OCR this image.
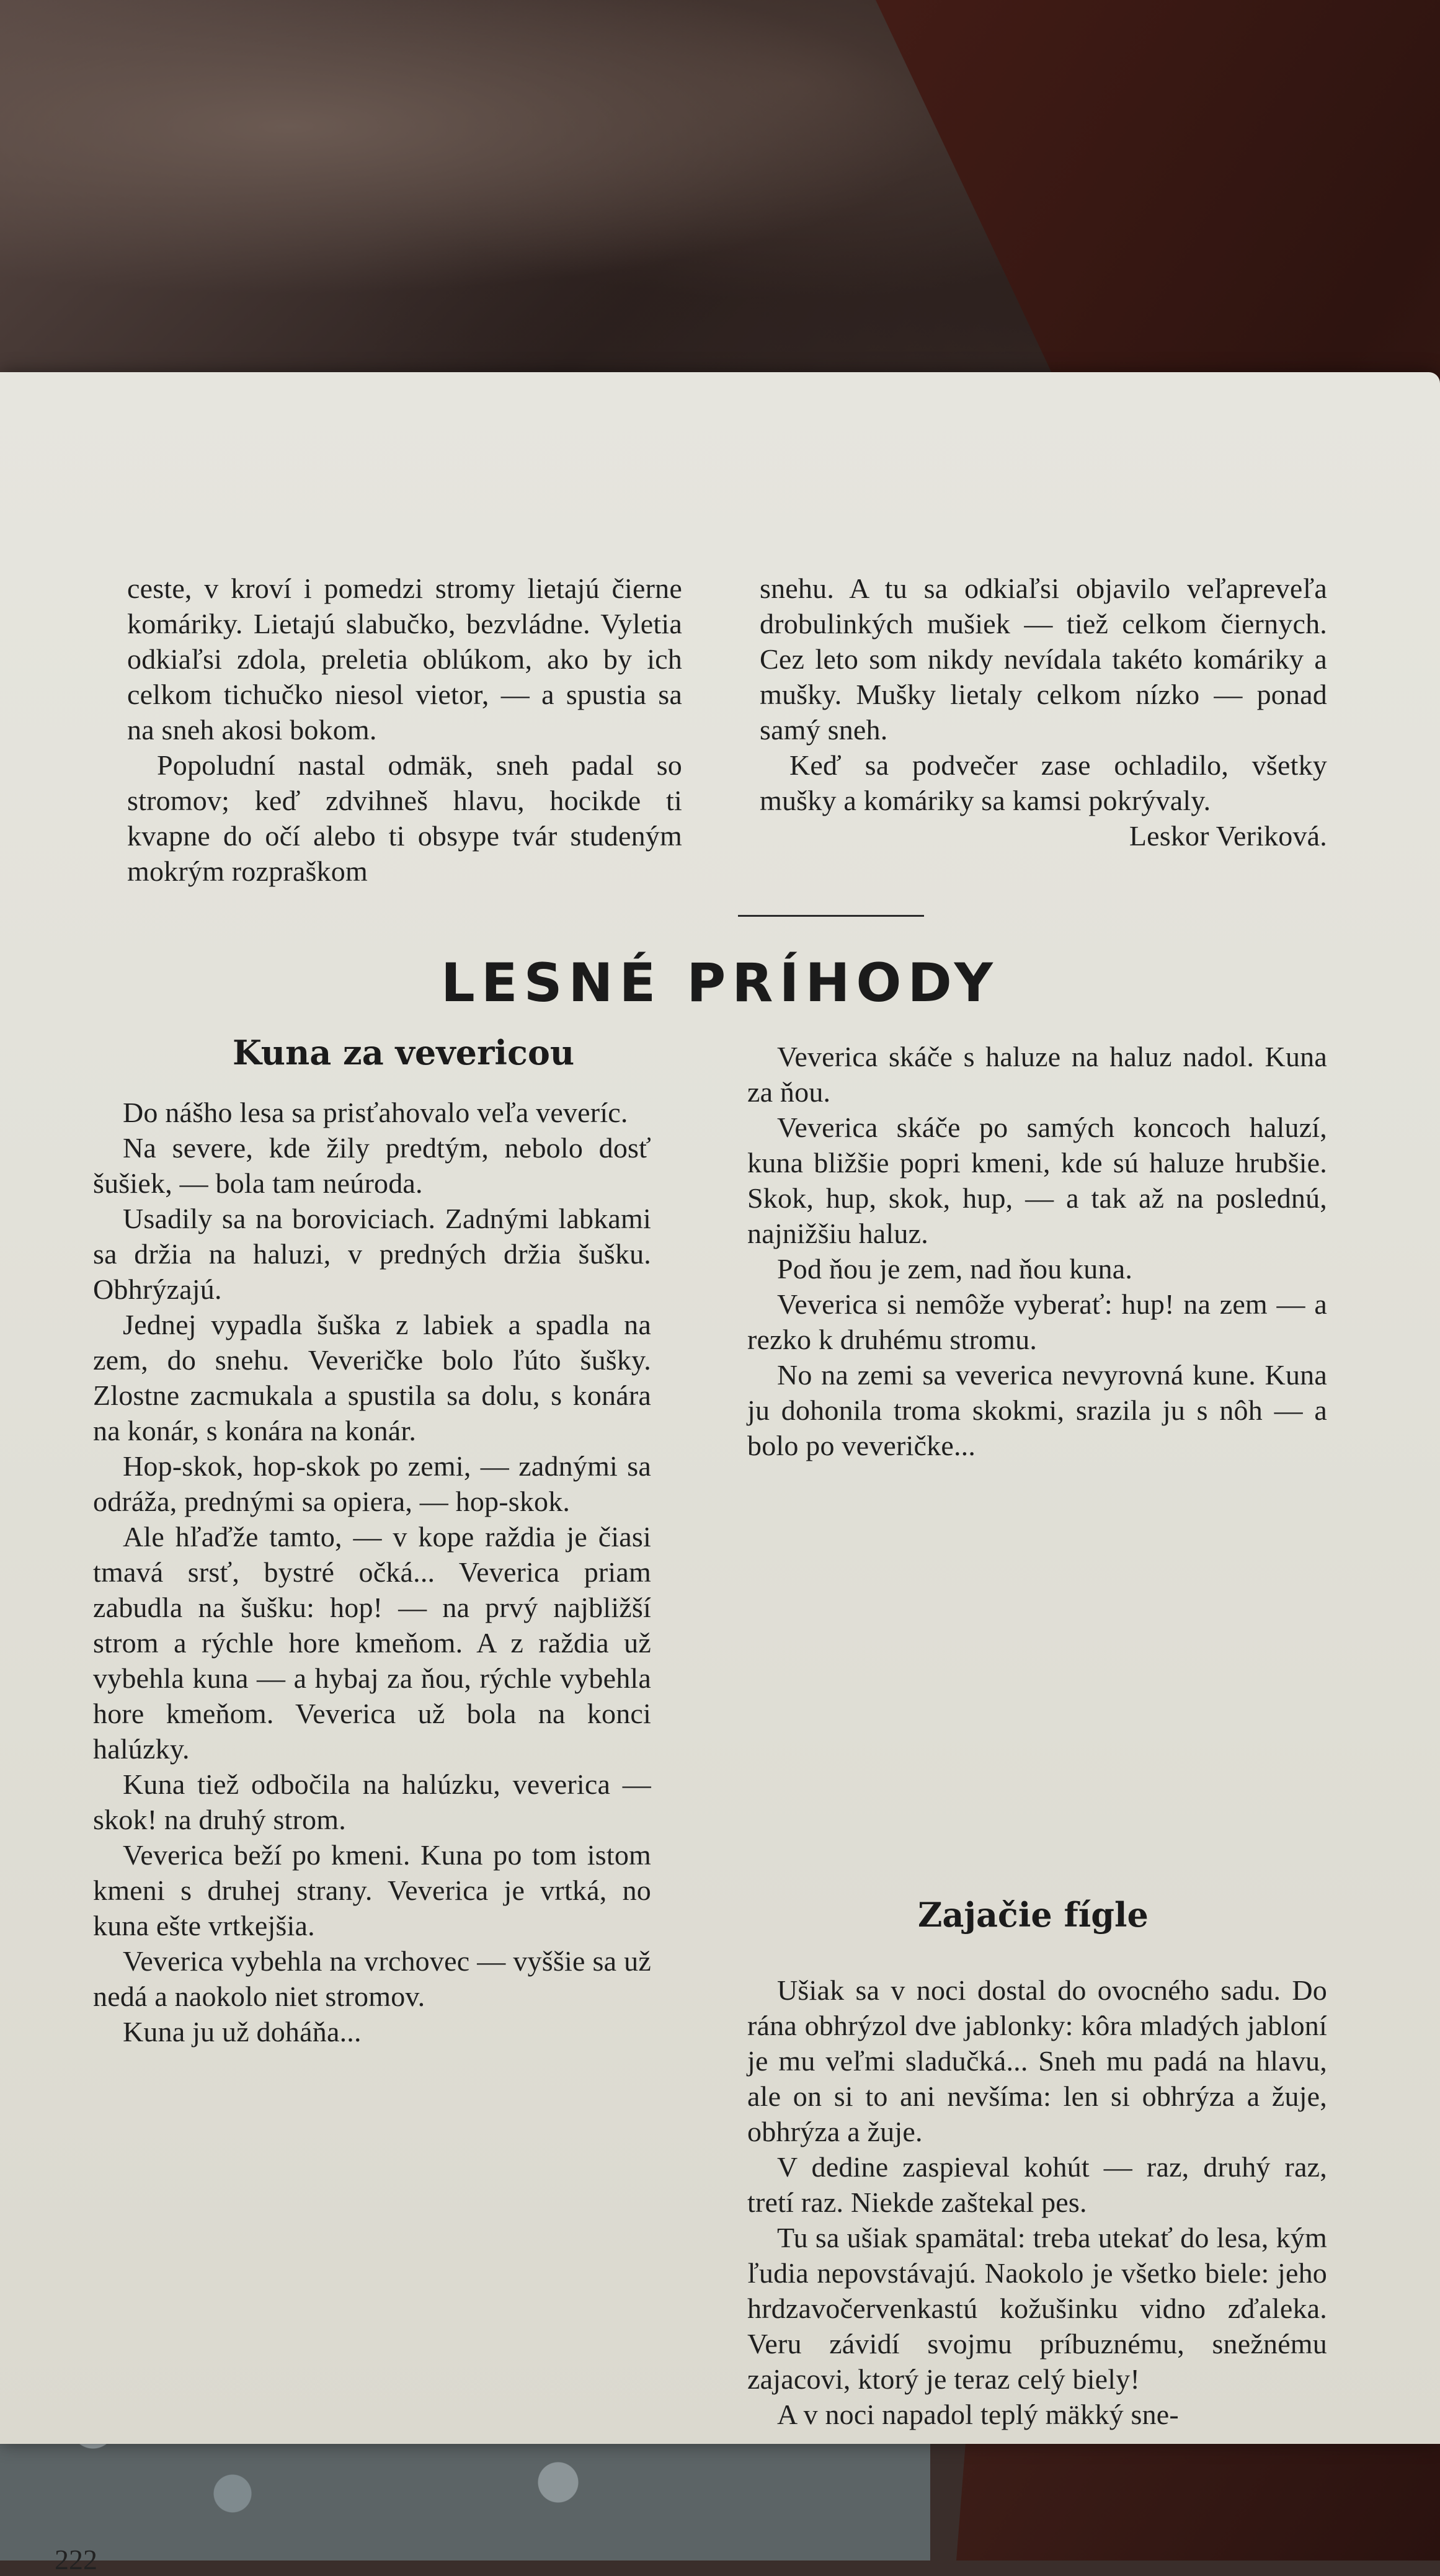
ceste, v kroví i pomedzi stromy lietajú čierne komáriky. Lietajú slabučko, bezvládne. Vyletia odkiaľsi zdola, preletia oblúkom, ako by ich celkom tichučko niesol vietor, — a spustia sa na sneh akosi bokom.

Popoludní nastal odmäk, sneh padal so stromov; keď zdvihneš hlavu, hocikde ti kvapne do očí alebo ti obsype tvár studeným mokrým rozpraškom

snehu. A tu sa odkiaľsi objavilo veľapreveľa drobulinkých mušiek — tiež celkom čiernych. Cez leto som nikdy nevídala takéto komáriky a mušky. Mušky lietaly celkom nízko — ponad samý sneh.

Keď sa podvečer zase ochladilo, všetky mušky a komáriky sa kamsi pokrývaly.

Leskor Veriková.

LESNÉ PRÍHODY
Kuna za vevericou

Do nášho lesa sa prisťahovalo veľa veveríc.

Na severe, kde žily predtým, nebolo dosť šušiek, — bola tam neúroda.

Usadily sa na boroviciach. Zadnými labkami sa držia na haluzi, v predných držia šušku. Obhrýzajú.

Jednej vypadla šuška z labiek a spadla na zem, do snehu. Veveričke bolo ľúto šušky. Zlostne zacmukala a spustila sa dolu, s konára na konár, s konára na konár.

Hop-skok, hop-skok po zemi, — zadnými sa odráža, prednými sa opiera, — hop-skok.

Ale hľaďže tamto, — v kope raždia je čiasi tmavá srsť, bystré očká... Veverica priam zabudla na šušku: hop! — na prvý najbližší strom a rýchle hore kmeňom. A z raždia už vybehla kuna — a hybaj za ňou, rýchle vybehla hore kmeňom. Veverica už bola na konci halúzky.

Kuna tiež odbočila na halúzku, veverica — skok! na druhý strom.

Veverica beží po kmeni. Kuna po tom istom kmeni s druhej strany. Veverica je vrtká, no kuna ešte vrtkejšia.

Veverica vybehla na vrchovec — vyššie sa už nedá a naokolo niet stromov.

Kuna ju už doháňa...

Veverica skáče s haluze na haluz nadol. Kuna za ňou.

Veverica skáče po samých koncoch haluzí, kuna bližšie popri kmeni, kde sú haluze hrubšie. Skok, hup, skok, hup, — a tak až na poslednú, najnižšiu haluz.

Pod ňou je zem, nad ňou kuna.

Veverica si nemôže vyberať: hup! na zem — a rezko k druhému stromu.

No na zemi sa veverica nevyrovná kune. Kuna ju dohonila troma skokmi, srazila ju s nôh — a bolo po veveričke...

Zajačie fígle

Ušiak sa v noci dostal do ovocného sadu. Do rána obhrýzol dve jablonky: kôra mladých jabloní je mu veľmi sladučká... Sneh mu padá na hlavu, ale on si to ani nevšíma: len si obhrýza a žuje, obhrýza a žuje.

V dedine zaspieval kohút — raz, druhý raz, tretí raz. Niekde zaštekal pes.

Tu sa ušiak spamätal: treba utekať do lesa, kým ľudia nepovstávajú. Naokolo je všetko biele: jeho hrdzavočervenkastú kožušinku vidno zďaleka. Veru závidí svojmu príbuznému, snežnému zajacovi, ktorý je teraz celý biely!

A v noci napadol teplý mäkký sne-

222
